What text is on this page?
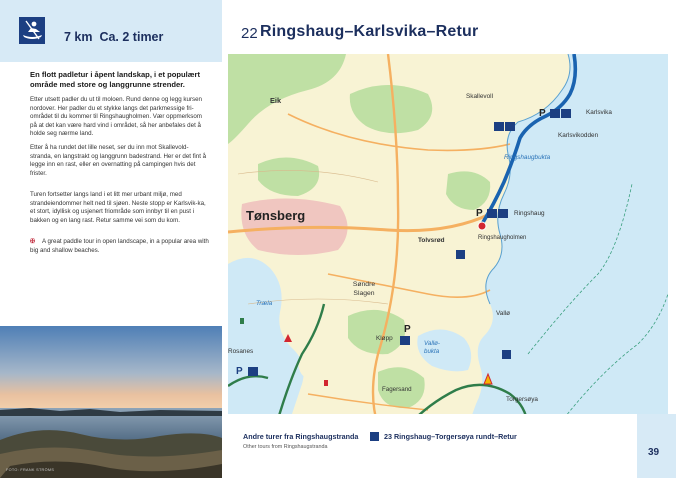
7 km Ca. 2 timer
En flott padletur i åpent landskap, i et populært område med store og langgrunne strender.
Etter utsett padler du ut til moloen. Rund denne og legg kursen nordover. Her padler du et stykke langs det parkmessige fri-området til du kommer til Ringshaugholmen. Vær oppmerksom på at det kan være hard vind i området, så her anbefales det å holde seg nærme land.
Etter å ha rundet det lille neset, ser du inn mot Skallevold-stranda, en langstrakt og langgrunn badestrand. Her er det fint å legge inn en rast, eller en overnatting på campingen hvis det frister.
Turen fortsetter langs land i et litt mer urbant miljø, med strandeiendommer helt ned til sjøen. Neste stopp er Karlsvik-ka, et stort, idyllisk og usjenert friområde som innbyr til en pust i bakken og en lang rast. Retur samme vei som du kom.
✠ A great paddle tour in open landscape, in a popular area with big and shallow beaches.
FOTO: FRANK STRÖMS
22 Ringshaug–Karlsvika–Retur
Eik	Skallevoll
Karlsvika
Karlsvikodden
Ringshaugbukta
Tønsberg	Ringshaug
Tolvsrød	Ringshaugholmen
Træla
Søndre Slagen
Rosanes
Kløpp
Vallø
Vallø-bukta
Fagersand
Torgersøya
P
P
P
P
Andre turer fra Ringshaugstranda
Other tours from Ringshaugstranda
23 Ringshaug–Torgersøya rundt–Retur
39
